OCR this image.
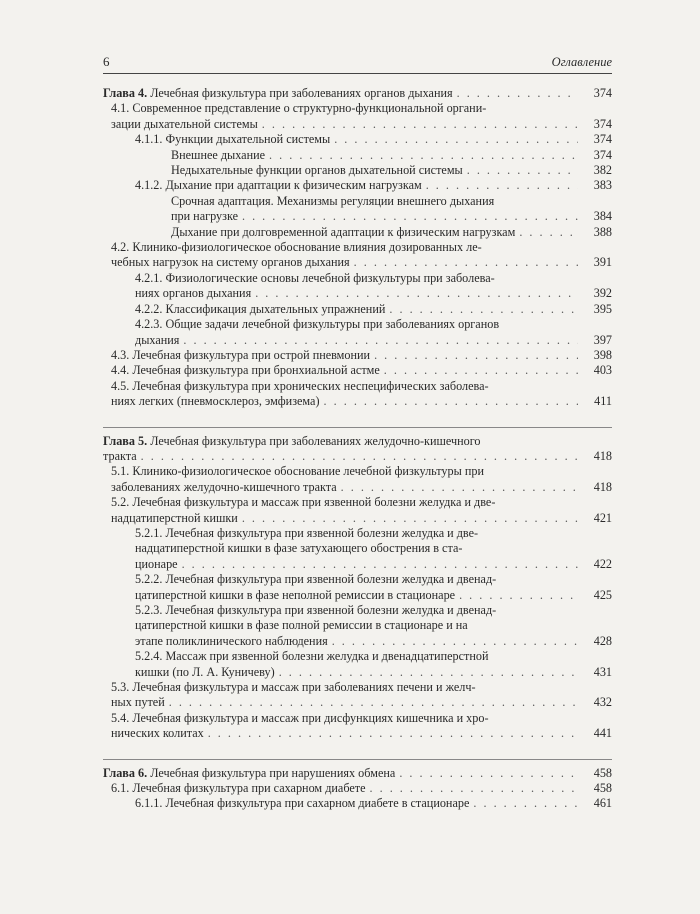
6	Оглавление
Глава 4. Лечебная физкультура при заболеваниях органов дыхания . . .	374
4.1. Современное представление о структурно-функциональной органи-
зации дыхательной системы . . .	374
4.1.1. Функции дыхательной системы . . .	374
Внешнее дыхание . . .	374
Недыхательные функции органов дыхательной системы . . .	382
4.1.2. Дыхание при адаптации к физическим нагрузкам . . .	383
Срочная адаптация. Механизмы регуляции внешнего дыхания
при нагрузке . . .	384
Дыхание при долговременной адаптации к физическим нагрузкам . . .	388
4.2. Клинико-физиологическое обоснование влияния дозированных ле-
чебных нагрузок на систему органов дыхания . . .	391
4.2.1. Физиологические основы лечебной физкультуры при заболева-
ниях органов дыхания . . .	392
4.2.2. Классификация дыхательных упражнений . . .	395
4.2.3. Общие задачи лечебной физкультуры при заболеваниях органов
дыхания . . .	397
4.3. Лечебная физкультура при острой пневмонии . . .	398
4.4. Лечебная физкультура при бронхиальной астме . . .	403
4.5. Лечебная физкультура при хронических неспецифических заболева-
ниях легких (пневмосклероз, эмфизема) . . .	411
Глава 5. Лечебная физкультура при заболеваниях желудочно-кишечного
тракта . . .	418
5.1. Клинико-физиологическое обоснование лечебной физкультуры при
заболеваниях желудочно-кишечного тракта . . .	418
5.2. Лечебная физкультура и массаж при язвенной болезни желудка и две-
надцатиперстной кишки . . .	421
5.2.1. Лечебная физкультура при язвенной болезни желудка и две-
надцатиперстной кишки в фазе затухающего обострения в ста-
ционаре . . .	422
5.2.2. Лечебная физкультура при язвенной болезни желудка и двенад-
цатиперстной кишки в фазе неполной ремиссии в стационаре . . .	425
5.2.3. Лечебная физкультура при язвенной болезни желудка и двенад-
цатиперстной кишки в фазе полной ремиссии в стационаре и на
этапе поликлинического наблюдения . . .	428
5.2.4. Массаж при язвенной болезни желудка и двенадцатиперстной
кишки (по Л. А. Куничеву) . . .	431
5.3. Лечебная физкультура и массаж при заболеваниях печени и желч-
ных путей . . .	432
5.4. Лечебная физкультура и массаж при дисфункциях кишечника и хро-
нических колитах . . .	441
Глава 6. Лечебная физкультура при нарушениях обмена . . .	458
6.1. Лечебная физкультура при сахарном диабете . . .	458
6.1.1. Лечебная физкультура при сахарном диабете в стационаре . . .	461
